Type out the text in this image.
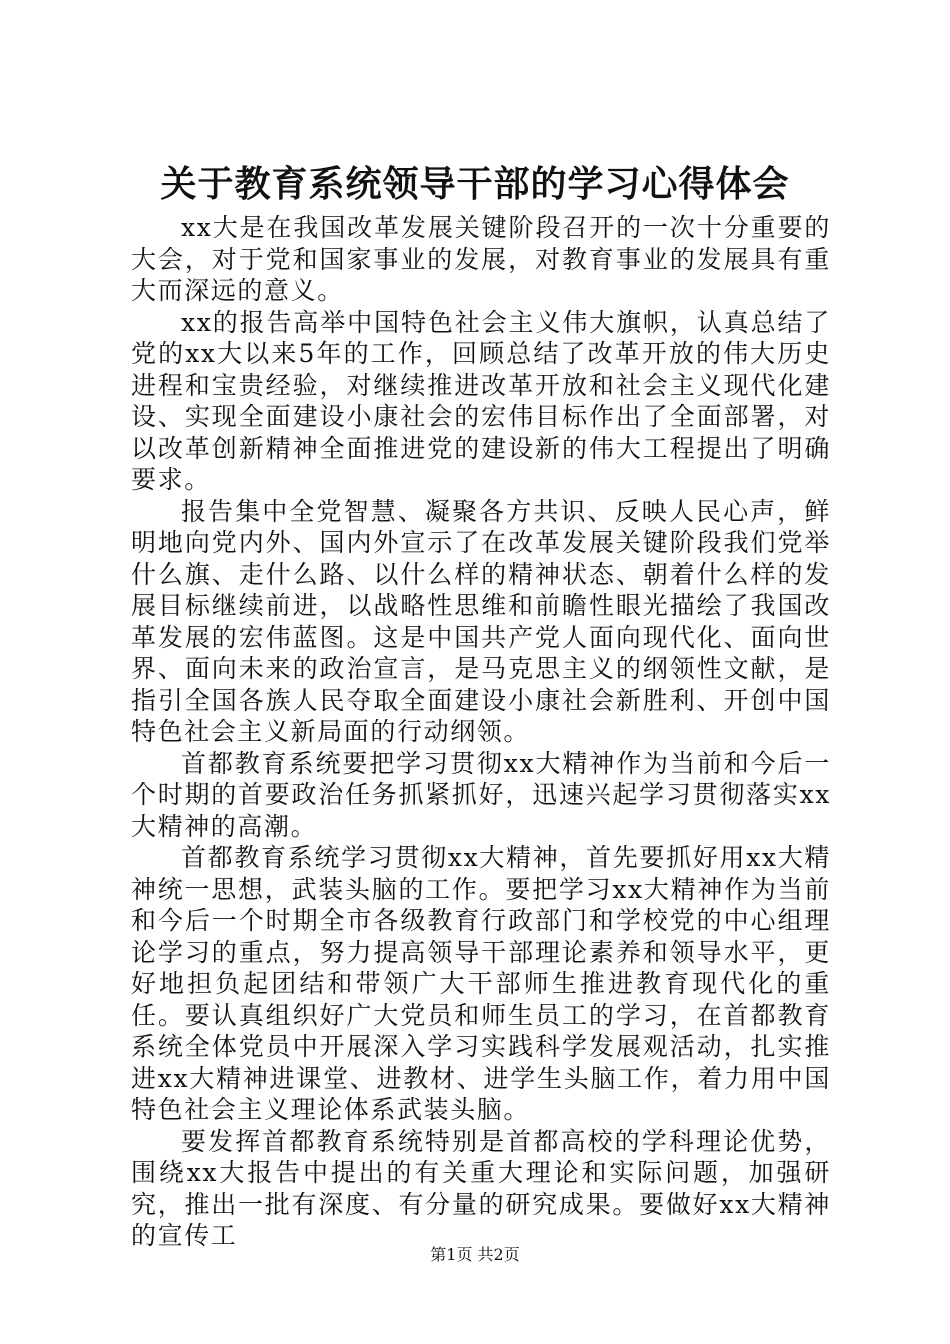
关于教育系统领导干部的学习心得体会

xx大是在我国改革发展关键阶段召开的一次十分重要的大会，对于党和国家事业的发展，对教育事业的发展具有重大而深远的意义。

xx的报告高举中国特色社会主义伟大旗帜，认真总结了党的xx大以来5年的工作，回顾总结了改革开放的伟大历史进程和宝贵经验，对继续推进改革开放和社会主义现代化建设、实现全面建设小康社会的宏伟目标作出了全面部署，对以改革创新精神全面推进党的建设新的伟大工程提出了明确要求。

报告集中全党智慧、凝聚各方共识、反映人民心声，鲜明地向党内外、国内外宣示了在改革发展关键阶段我们党举什么旗、走什么路、以什么样的精神状态、朝着什么样的发展目标继续前进，以战略性思维和前瞻性眼光描绘了我国改革发展的宏伟蓝图。这是中国共产党人面向现代化、面向世界、面向未来的政治宣言，是马克思主义的纲领性文献，是指引全国各族人民夺取全面建设小康社会新胜利、开创中国特色社会主义新局面的行动纲领。

首都教育系统要把学习贯彻xx大精神作为当前和今后一个时期的首要政治任务抓紧抓好，迅速兴起学习贯彻落实xx大精神的高潮。

首都教育系统学习贯彻xx大精神，首先要抓好用xx大精神统一思想，武装头脑的工作。要把学习xx大精神作为当前和今后一个时期全市各级教育行政部门和学校党的中心组理论学习的重点，努力提高领导干部理论素养和领导水平，更好地担负起团结和带领广大干部师生推进教育现代化的重任。要认真组织好广大党员和师生员工的学习，在首都教育系统全体党员中开展深入学习实践科学发展观活动，扎实推进xx大精神进课堂、进教材、进学生头脑工作，着力用中国特色社会主义理论体系武装头脑。

要发挥首都教育系统特别是首都高校的学科理论优势，围绕xx大报告中提出的有关重大理论和实际问题，加强研究，推出一批有深度、有分量的研究成果。要做好xx大精神的宣传工

第1页 共2页
